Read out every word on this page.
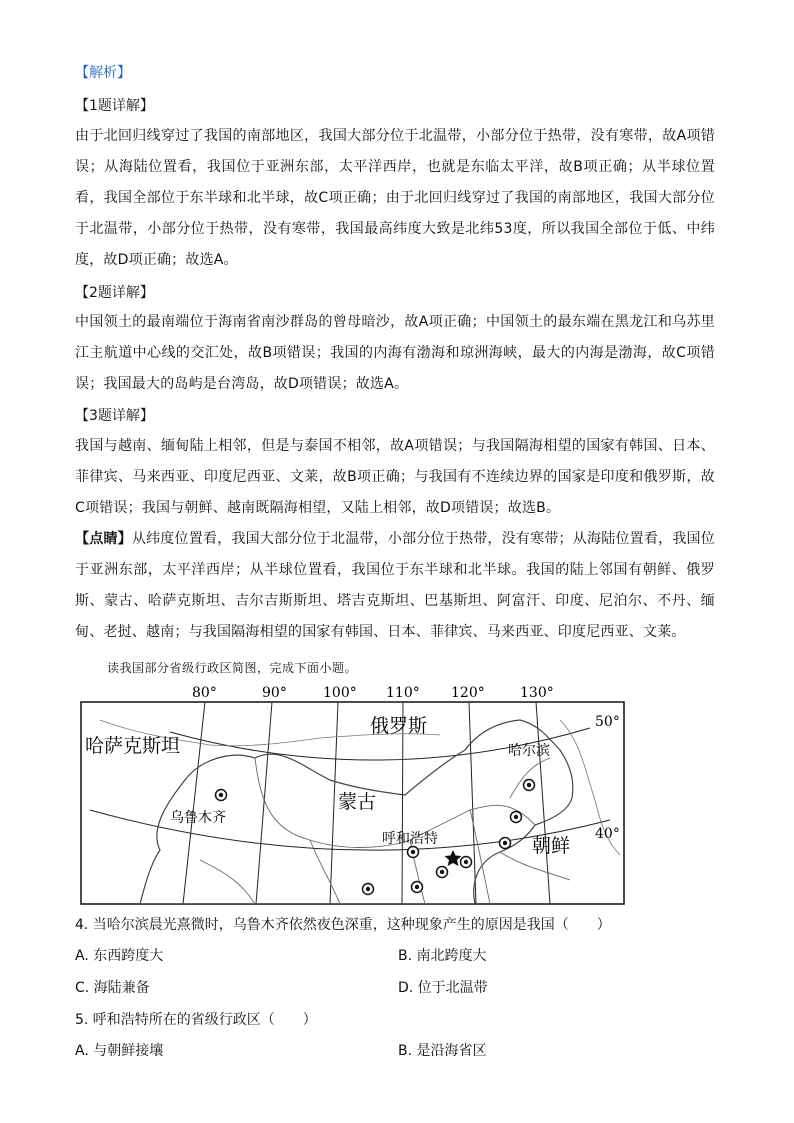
【解析】
【1题详解】
由于北回归线穿过了我国的南部地区，我国大部分位于北温带，小部分位于热带，没有寒带，故A项错误；从海陆位置看，我国位于亚洲东部，太平洋西岸，也就是东临太平洋，故B项正确；从半球位置看，我国全部位于东半球和北半球，故C项正确；由于北回归线穿过了我国的南部地区，我国大部分位于北温带，小部分位于热带，没有寒带，我国最高纬度大致是北纬53度，所以我国全部位于低、中纬度，故D项正确；故选A。
【2题详解】
中国领土的最南端位于海南省南沙群岛的曾母暗沙，故A项正确；中国领土的最东端在黑龙江和乌苏里江主航道中心线的交汇处，故B项错误；我国的内海有渤海和琼洲海峡，最大的内海是渤海，故C项错误；我国最大的岛屿是台湾岛，故D项错误；故选A。
【3题详解】
我国与越南、缅甸陆上相邻，但是与泰国不相邻，故A项错误；与我国隔海相望的国家有韩国、日本、菲律宾、马来西亚、印度尼西亚、文莱，故B项正确；与我国有不连续边界的国家是印度和俄罗斯，故C项错误；我国与朝鲜、越南既隔海相望，又陆上相邻，故D项错误；故选B。
【点睛】从纬度位置看，我国大部分位于北温带，小部分位于热带，没有寒带；从海陆位置看，我国位于亚洲东部，太平洋西岸；从半球位置看，我国位于东半球和北半球。我国的陆上邻国有朝鲜、俄罗斯、蒙古、哈萨克斯坦、吉尔吉斯斯坦、塔吉克斯坦、巴基斯坦、阿富汗、印度、尼泊尔、不丹、缅甸、老挝、越南；与我国隔海相望的国家有韩国、日本、菲律宾、马来西亚、印度尼西亚、文莱。
读我国部分省级行政区简图，完成下面小题。
80°	90°	100° 110° 120°	130°
俄罗斯
哈萨克斯坦
蒙古
朝鲜
哈尔滨
乌鲁木齐
呼和浩特
50°
40°
4. 当哈尔滨晨光熹微时，乌鲁木齐依然夜色深重，这种现象产生的原因是我国（　　）
A. 东西跨度大	B. 南北跨度大
C. 海陆兼备	D. 位于北温带
5. 呼和浩特所在的省级行政区（　　）
A. 与朝鲜接壤	B. 是沿海省区
